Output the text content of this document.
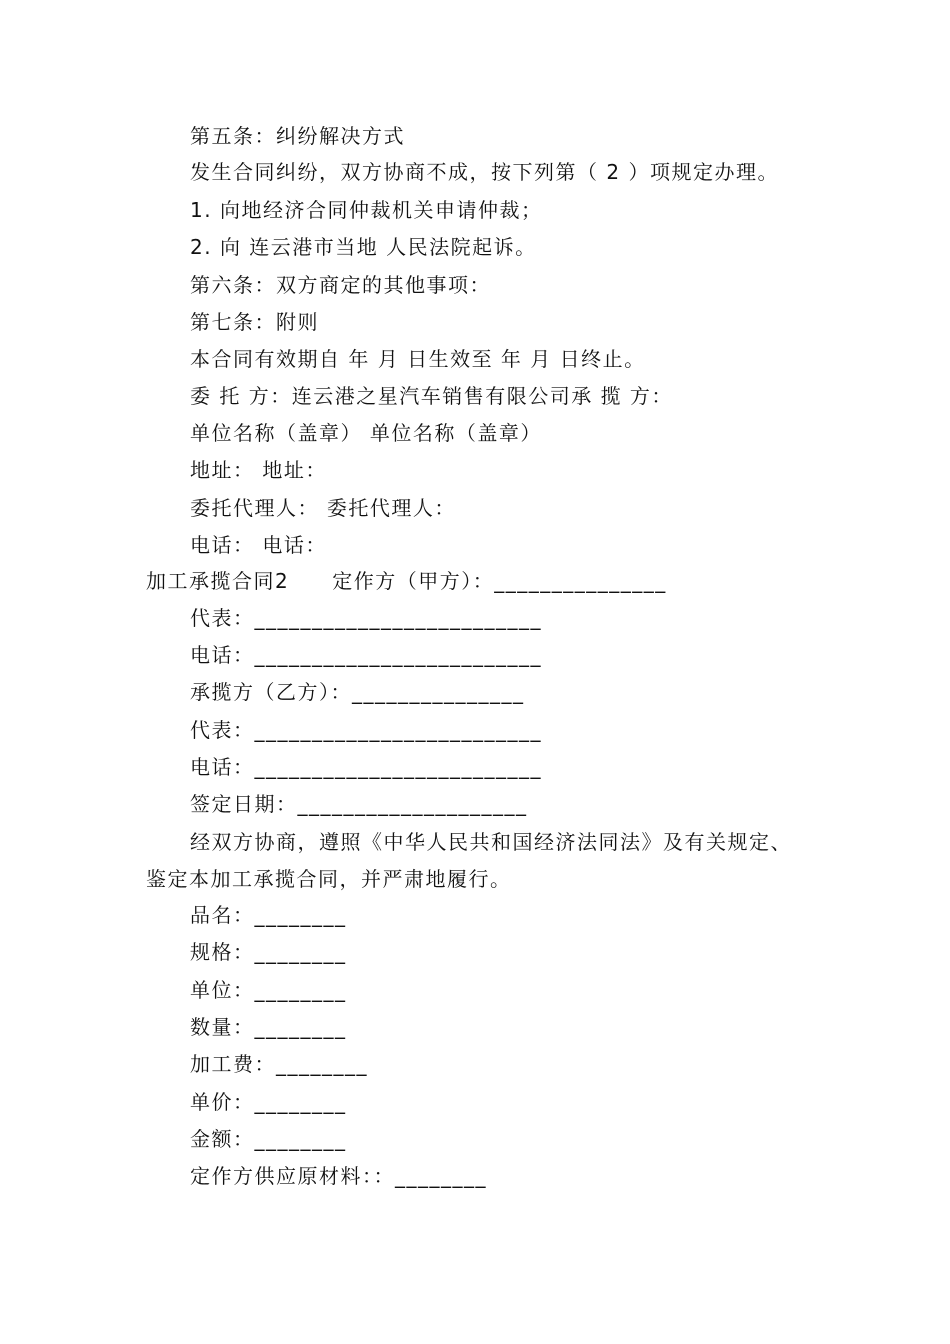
第五条：纠纷解决方式
发生合同纠纷，双方协商不成，按下列第（ 2 ）项规定办理。
1. 向地经济合同仲裁机关申请仲裁；
2. 向 连云港市当地 人民法院起诉。
第六条：双方商定的其他事项：
第七条：附则
本合同有效期自 年 月 日生效至 年 月 日终止。
委 托 方：连云港之星汽车销售有限公司承 揽 方：
单位名称（盖章） 单位名称（盖章）
地址： 地址：
委托代理人： 委托代理人：
电话： 电话：
加工承揽合同2　　定作方（甲方）：_______________
代表：_________________________
电话：_________________________
承揽方（乙方）：_______________
代表：_________________________
电话：_________________________
签定日期：____________________
经双方协商，遵照《中华人民共和国经济法同法》及有关规定、
鉴定本加工承揽合同，并严肃地履行。
品名：________
规格：________
单位：________
数量：________
加工费：________
单价：________
金额：________
定作方供应原材料：：________
